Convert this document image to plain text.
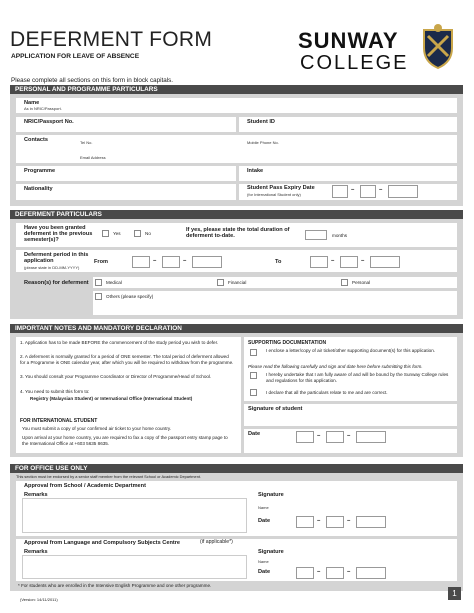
DEFERMENT FORM
APPLICATION FOR LEAVE OF ABSENCE
SUNWAY
COLLEGE
Please complete all sections on this form in block capitals.
PERSONAL AND PROGRAMME PARTICULARS
Name
As in NRIC/Passport.
NRIC/Passport No.	Student ID
Contacts	Tel No.	Mobile Phone No.
Email Address
Programme	Intake
Nationality	Student Pass Expiry Date
(for International Student only)
–	–
DEFERMENT PARTICULARS
Have you been granted deferment in the previous semester(s)?
Yes	No
If yes, please state the total duration of deferment to-date.	months
Deferment period in this application
(please state in DD-MM-YYYY)
From	–	–	To	–	–
Reason(s) for deferment	Medical	Financial	Personal
Others (please specify)
IMPORTANT NOTES AND MANDATORY DECLARATION
1. Application has to be made BEFORE the commencement of the study period you wish to defer.
2. A deferment is normally granted for a period of ONE semester. The total period of deferment allowed for a Programme is ONE calendar year, after which you will be required to withdraw from the programme.
3. You should consult your Programme Coordinator or Director of Programme/Head of School.
4. You need to submit this form to:
Registry (Malaysian Student) or International Office (International Student)
FOR INTERNATIONAL STUDENT
You must submit a copy of your confirmed air ticket to your home country.
Upon arrival at your home country, you are required to fax a copy of the passport entry stamp page to the International Office at +603 5635 8635.
SUPPORTING DOCUMENTATION
I enclose a letter/copy of air ticket/other supporting document(s) for this application.
Please read the following carefully and sign and date here before submitting this form.
I hereby undertake that I am fully aware of and will be bound by the Sunway College rules and regulations for this application.
I declare that all the particulars relate to me and are correct.
Signature of student
Date	–	–
FOR OFFICE USE ONLY
This section must be endorsed by a senior staff member from the relevant School or Academic Department.
Approval from School / Academic Department
Remarks	Signature
Name
Date	–	–
Approval from Language and Compulsory Subjects Centre	(if applicable*)
Remarks	Signature
Name
Date	–	–
* For students who are enrolled in the Intensive English Programme and one other programme.
(Version: 14/11/2011)
1
